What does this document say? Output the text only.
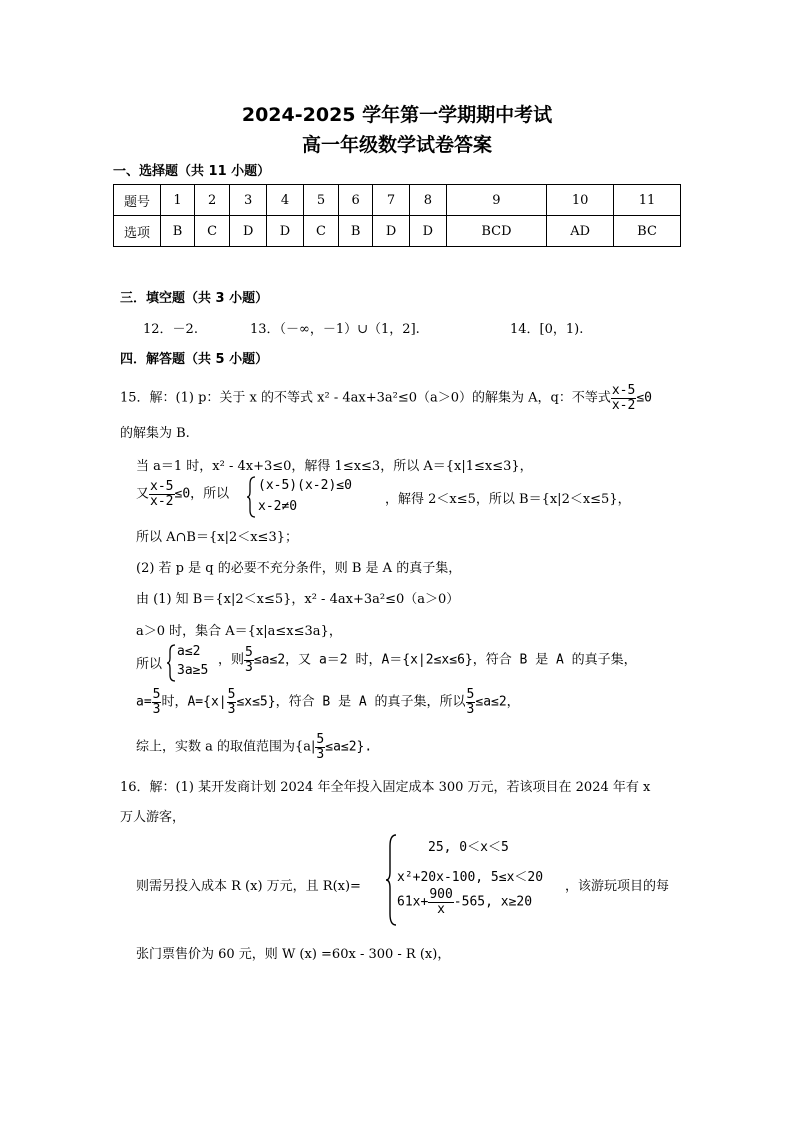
2024-2025 学年第一学期期中考试
高一年级数学试卷答案
一、选择题（共 11 小题）
题号	1	2	3	4	5	6	7	8	9	10	11
选项	B	C	D	D	C	B	D	D	BCD	AD	BC
三．填空题（共 3 小题）
12．－2.	13．（－∞，－1）∪（1，2].	14．[0，1).
四．解答题（共 5 小题）
15．解：(1) p：关于 x 的不等式 x² - 4ax+3a²≤0（a＞0）的解集为 A，q：不等式 $\frac{x-5}{x-2} \le 0$
的解集为 B.
当 a＝1 时，x² - 4x+3≤0，解得 1≤x≤3，所以 A＝{x|1≤x≤3}，
又 $\frac{x-5}{x-2} \le 0$，所以
(x-5)(x-2)≤0
x-2≠0	，解得 2＜x≤5，所以 B＝{x|2＜x≤5}，
所以 A∩B＝{x|2＜x≤3}；
(2) 若 p 是 q 的必要不充分条件，则 B 是 A 的真子集，
由 (1) 知 B＝{x|2＜x≤5}，x² - 4ax+3a²≤0（a＞0）
a＞0 时，集合 A＝{x|a≤x≤3a}，
所以
a≤2
3a≥5
，则 $\frac{5}{3} \le a\le 2$，又 a＝2 时，A＝{x|2≤x≤6}，符合 B 是 A 的真子集，
$a= \frac{5}{3}$ 时，$A=\{x| \frac{5}{3} \le x\le 5\}$，符合 B 是 A 的真子集，所以 $\frac{5}{3} \le a\le 2$，
综上，实数 a 的取值范围为$\{a| \frac{5}{3} \le a\le 2\}$.
16．解：(1) 某开发商计划 2024 年全年投入固定成本 300 万元，若该项目在 2024 年有 x
万人游客，
则需另投入成本 R (x) 万元，且 R(x)=
25, 0＜x＜5
x²+20x-100, 5≤x＜20
$61x+ \frac{900}{x} -565$, x≥20
，该游玩项目的每
张门票售价为 60 元，则 W (x) =60x - 300 - R (x)，
